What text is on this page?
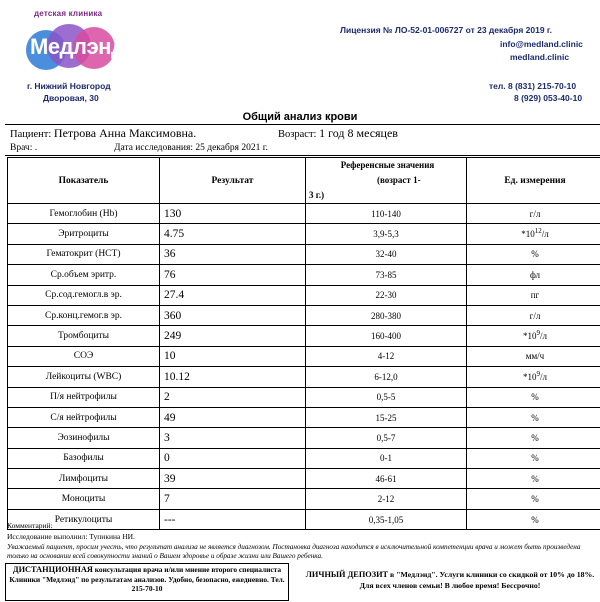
детская клиника
Медлэнд
г. Нижний Новгород
Дворовая, 30
Лицензия № ЛО-52-01-006727 от 23 декабря 2019 г.
info@medland.clinic
medland.clinic
тел. 8 (831) 215-70-10
8 (929) 053-40-10
Общий анализ крови
Пациент: Петрова Анна Максимовна.	Возраст: 1 год 8 месяцев
Врач: .	Дата исследования: 25 декабря 2021 г.
Показатель	Результат	Референсные значения
(возраст 1-
3 г.)	Ед. измерения
Гемоглобин (Hb)	130	110-140	г/л
Эритроциты	4.75	3,9-5,3	$*10^{12}/л$
Гематокрит (HCT)	36	32-40	%
Ср.объем эритр.	76	73-85	фл
Ср.сод.гемогл.в эр.	27.4	22-30	пг
Ср.конц.гемог.в эр.	360	280-380	г/л
Тромбоциты	249	160-400	$*10^9/л$
СОЭ	10	4-12	мм/ч
Лейкоциты (WBC)	10.12	6-12,0	$*10^9/л$
П/я нейтрофилы	2	0,5-5	%
С/я нейтрофилы	49	15-25	%
Эозинофилы	3	0,5-7	%
Базофилы	0	0-1	%
Лимфоциты	39	46-61	%
Моноциты	7	2-12	%
Ретикулоциты	---	0,35-1,05	%
Комментарий:
Исследование выполнил: Тупикина НИ.
Уважаемый пациент, просим учесть, что результат анализа не является диагнозом. Постановка диагноза находится в исключительной компетенции врача и может быть произведена только на основании всей совокупности знаний о Вашем здоровье и образе жизни или Вашего ребенка.
ДИСТАНЦИОННАЯ консультация врача и/или мнение второго специалиста Клиники "Медлэнд" по результатам анализов. Удобно, безопасно, ежедневно. Тел. 215-70-10
ЛИЧНЫЙ ДЕПОЗИТ в "Медлэнд". Услуги клиники со скидкой от 10% до 18%. Для всех членов семьи! В любое время! Бессрочно!
